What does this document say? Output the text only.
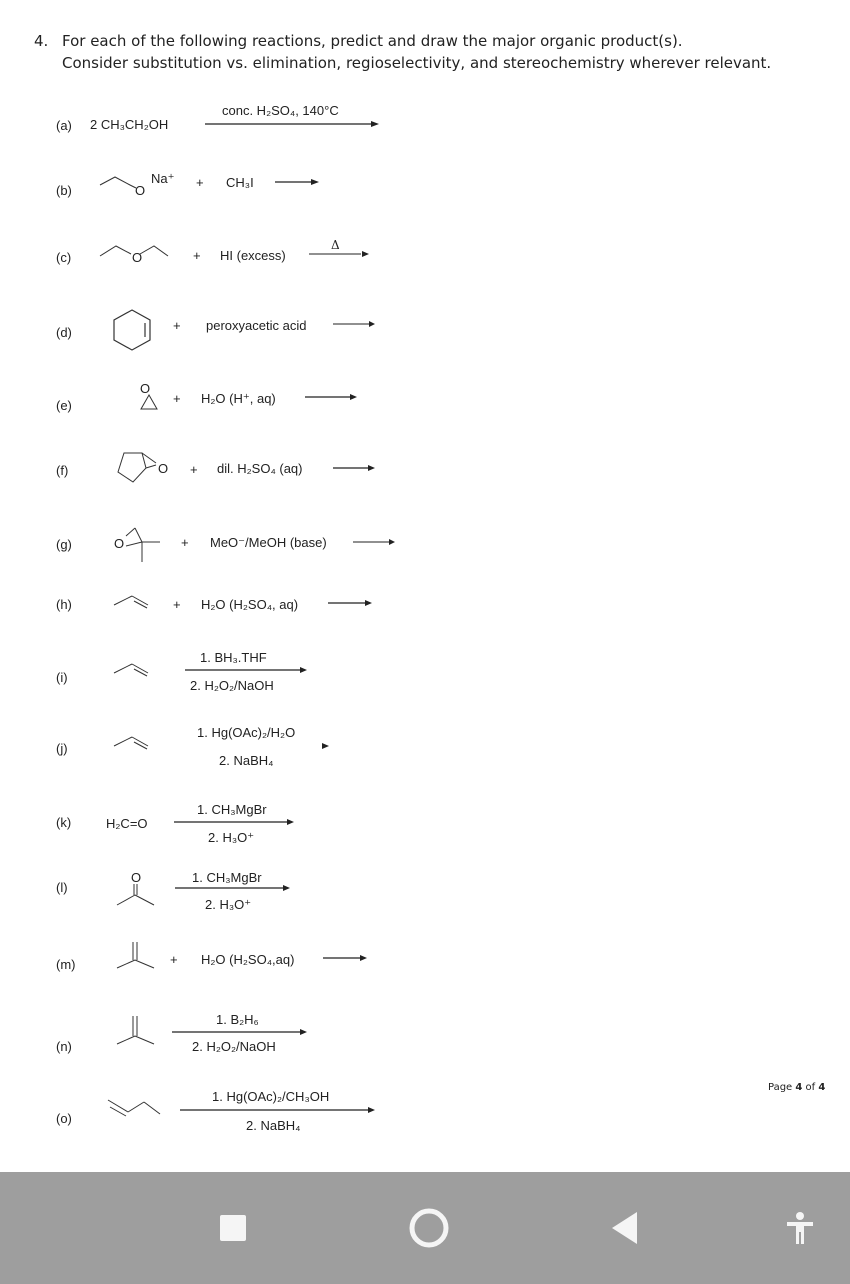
4. For each of the following reactions, predict and draw the major organic product(s).
Consider substitution vs. elimination, regioselectivity, and stereochemistry wherever relevant.
(a) 2 CH₃CH₂OH
conc. H₂SO₄, 140°C
(b)	O
Na⁺ + CH₃I
(c)	O	+ HI (excess)
Δ
(d)	+ peroxyacetic acid
(e)
O
+ H₂O (H⁺, aq)
(f)	O + dil. H₂SO₄ (aq)
(g)	O	+ MeO⁻/MeOH (base)
(h)	+ H₂O (H₂SO₄, aq)
(i)
1. BH₃.THF
2. H₂O₂/NaOH
(j)
1. Hg(OAc)₂/H₂O
2. NaBH₄
(k)	H₂C=O
1. CH₃MgBr
2. H₃O⁺
(l)
O	1. CH₃MgBr
2. H₃O⁺
(m)	+ H₂O (H₂SO₄,aq)
(n)
1. B₂H₆
2. H₂O₂/NaOH
(o)
1. Hg(OAc)₂/CH₃OH
2. NaBH₄
Page 4 of 4
